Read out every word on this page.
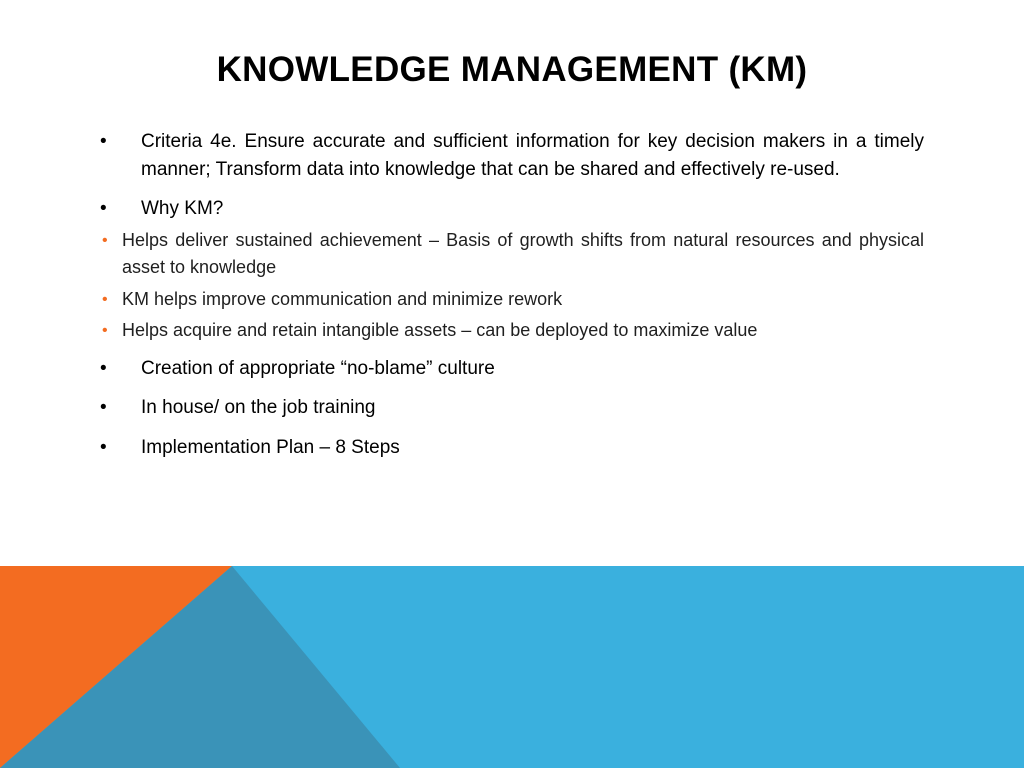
KNOWLEDGE MANAGEMENT (KM)
•	Criteria 4e. Ensure accurate and sufficient information for key decision makers in a timely manner; Transform data into knowledge that can be shared and effectively re-used.
•	Why KM?
• Helps deliver sustained achievement – Basis of growth shifts from natural resources and physical asset to knowledge
• KM helps improve communication and minimize rework
• Helps acquire and retain intangible assets – can be deployed to maximize value
•	Creation of appropriate “no-blame” culture
•	In house/ on the job training
•	Implementation Plan – 8 Steps
